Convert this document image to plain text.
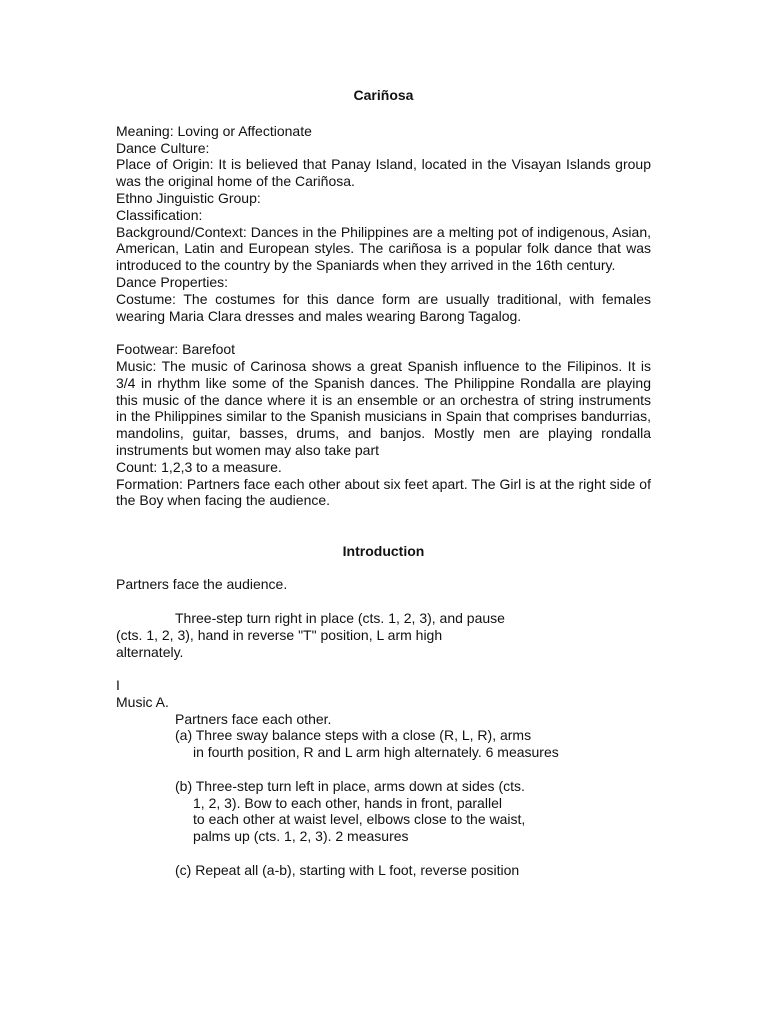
Cariñosa

Meaning: Loving or Affectionate

Dance Culture:

Place of Origin: It is believed that Panay Island, located in the Visayan Islands group was the original home of the Cariñosa.

Ethno Jinguistic Group:

Classification:

Background/Context: Dances in the Philippines are a melting pot of indigenous, Asian, American, Latin and European styles. The cariñosa is a popular folk dance that was introduced to the country by the Spaniards when they arrived in the 16th century.

Dance Properties:

Costume: The costumes for this dance form are usually traditional, with females wearing Maria Clara dresses and males wearing Barong Tagalog.

Footwear: Barefoot

Music: The music of Carinosa shows a great Spanish influence to the Filipinos. It is 3/4 in rhythm like some of the Spanish dances. The Philippine Rondalla are playing this music of the dance where it is an ensemble or an orchestra of string instruments in the Philippines similar to the Spanish musicians in Spain that comprises bandurrias, mandolins, guitar, basses, drums, and banjos. Mostly men are playing rondalla instruments but women may also take part

Count: 1,2,3 to a measure.

Formation: Partners face each other about six feet apart. The Girl is at the right side of the Boy when facing the audience.

Introduction

Partners face the audience.

Three-step turn right in place (cts. 1, 2, 3), and pause

(cts. 1, 2, 3), hand in reverse "T" position, L arm high

alternately.

I

Music A.

Partners face each other.

(a) Three sway balance steps with a close (R, L, R), arms

in fourth position, R and L arm high alternately. 6 measures

(b) Three-step turn left in place, arms down at sides (cts.

1, 2, 3). Bow to each other, hands in front, parallel

to each other at waist level, elbows close to the waist,

palms up (cts. 1, 2, 3). 2 measures

(c) Repeat all (a-b), starting with L foot, reverse position
